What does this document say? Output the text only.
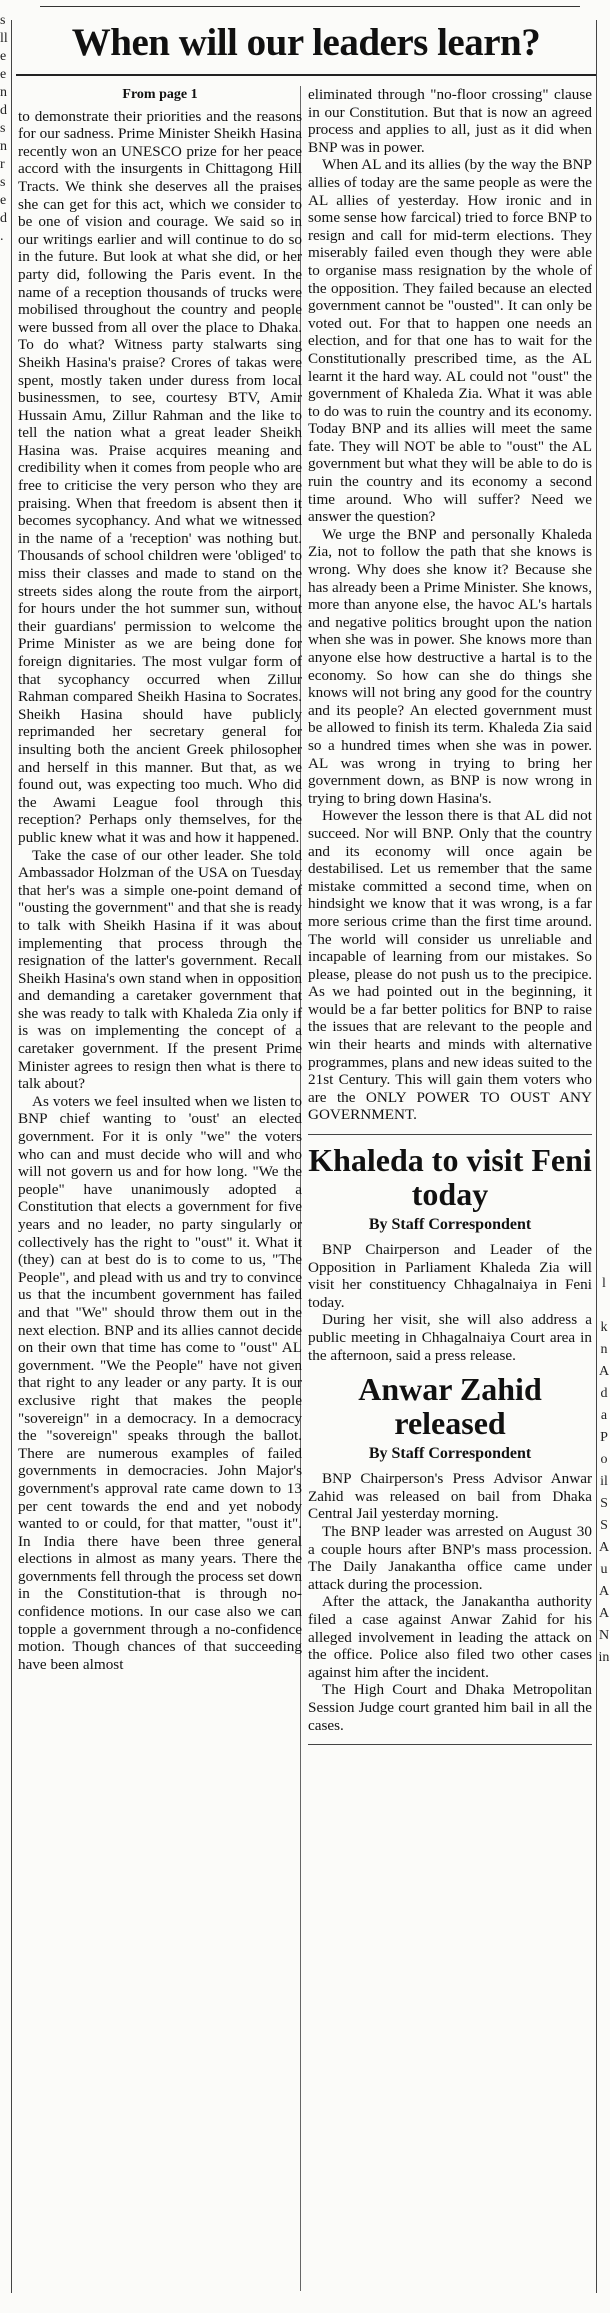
s
ll
e
e
n
d
s
n
r
s
e
d
.
l
k
n
A
d
a
P
o
il
S
S
A
u
A
A
N
in
When will our leaders learn?
From page 1

to demonstrate their priorities and the reasons for our sadness. Prime Minister Sheikh Hasina recently won an UNESCO prize for her peace accord with the insurgents in Chittagong Hill Tracts. We think she deserves all the praises she can get for this act, which we consider to be one of vision and courage. We said so in our writings earlier and will continue to do so in the future. But look at what she did, or her party did, following the Paris event. In the name of a reception thousands of trucks were mobilised throughout the country and people were bussed from all over the place to Dhaka. To do what? Witness party stalwarts sing Sheikh Hasina's praise? Crores of takas were spent, mostly taken under duress from local businessmen, to see, courtesy BTV, Amir Hussain Amu, Zillur Rahman and the like to tell the nation what a great leader Sheikh Hasina was. Praise acquires meaning and credibility when it comes from people who are free to criticise the very person who they are praising. When that freedom is absent then it becomes sycophancy. And what we witnessed in the name of a 'reception' was nothing but. Thousands of school children were 'obliged' to miss their classes and made to stand on the streets sides along the route from the airport, for hours under the hot summer sun, without their guardians' permission to welcome the Prime Minister as we are being done for foreign dignitaries. The most vulgar form of that sycophancy occurred when Zillur Rahman compared Sheikh Hasina to Socrates. Sheikh Hasina should have publicly reprimanded her secretary general for insulting both the ancient Greek philosopher and herself in this manner. But that, as we found out, was expecting too much. Who did the Awami League fool through this reception? Perhaps only themselves, for the public knew what it was and how it happened.

Take the case of our other leader. She told Ambassador Holzman of the USA on Tuesday that her's was a simple one-point demand of "ousting the government" and that she is ready to talk with Sheikh Hasina if it was about implementing that process through the resignation of the latter's government. Recall Sheikh Hasina's own stand when in opposition and demanding a caretaker government that she was ready to talk with Khaleda Zia only if is was on implementing the concept of a caretaker government. If the present Prime Minister agrees to resign then what is there to talk about?

As voters we feel insulted when we listen to BNP chief wanting to 'oust' an elected government. For it is only "we" the voters who can and must decide who will and who will not govern us and for how long. "We the people" have unanimously adopted a Constitution that elects a government for five years and no leader, no party singularly or collectively has the right to "oust" it. What it (they) can at best do is to come to us, "The People", and plead with us and try to convince us that the incumbent government has failed and that "We" should throw them out in the next election. BNP and its allies cannot decide on their own that time has come to "oust" AL government. "We the People" have not given that right to any leader or any party. It is our exclusive right that makes the people "sovereign" in a democracy. In a democracy the "sovereign" speaks through the ballot. There are numerous examples of failed governments in democracies. John Major's government's approval rate came down to 13 per cent towards the end and yet nobody wanted to or could, for that matter, "oust it". In India there have been three general elections in almost as many years. There the governments fell through the process set down in the Constitution-that is through no-confidence motions. In our case also we can topple a government through a no-confidence motion. Though chances of that succeeding have been almost

eliminated through "no-floor crossing" clause in our Constitution. But that is now an agreed process and applies to all, just as it did when BNP was in power.

When AL and its allies (by the way the BNP allies of today are the same people as were the AL allies of yesterday. How ironic and in some sense how farcical) tried to force BNP to resign and call for mid-term elections. They miserably failed even though they were able to organise mass resignation by the whole of the opposition. They failed because an elected government cannot be "ousted". It can only be voted out. For that to happen one needs an election, and for that one has to wait for the Constitutionally prescribed time, as the AL learnt it the hard way. AL could not "oust" the government of Khaleda Zia. What it was able to do was to ruin the country and its economy. Today BNP and its allies will meet the same fate. They will NOT be able to "oust" the AL government but what they will be able to do is ruin the country and its economy a second time around. Who will suffer? Need we answer the question?

We urge the BNP and personally Khaleda Zia, not to follow the path that she knows is wrong. Why does she know it? Because she has already been a Prime Minister. She knows, more than anyone else, the havoc AL's hartals and negative politics brought upon the nation when she was in power. She knows more than anyone else how destructive a hartal is to the economy. So how can she do things she knows will not bring any good for the country and its people? An elected government must be allowed to finish its term. Khaleda Zia said so a hundred times when she was in power. AL was wrong in trying to bring her government down, as BNP is now wrong in trying to bring down Hasina's.

However the lesson there is that AL did not succeed. Nor will BNP. Only that the country and its economy will once again be destabilised. Let us remember that the same mistake committed a second time, when on hindsight we know that it was wrong, is a far more serious crime than the first time around. The world will consider us unreliable and incapable of learning from our mistakes. So please, please do not push us to the precipice. As we had pointed out in the beginning, it would be a far better politics for BNP to raise the issues that are relevant to the people and win their hearts and minds with alternative programmes, plans and new ideas suited to the 21st Century. This will gain them voters who are the ONLY POWER TO OUST ANY GOVERNMENT.

Khaleda to visit Feni today
By Staff Correspondent

BNP Chairperson and Leader of the Opposition in Parliament Khaleda Zia will visit her constituency Chhagalnaiya in Feni today.

During her visit, she will also address a public meeting in Chhagalnaiya Court area in the afternoon, said a press release.

Anwar Zahid released
By Staff Correspondent

BNP Chairperson's Press Advisor Anwar Zahid was released on bail from Dhaka Central Jail yesterday morning.

The BNP leader was arrested on August 30 a couple hours after BNP's mass procession. The Daily Janakantha office came under attack during the procession.

After the attack, the Janakantha authority filed a case against Anwar Zahid for his alleged involvement in leading the attack on the office. Police also filed two other cases against him after the incident.

The High Court and Dhaka Metropolitan Session Judge court granted him bail in all the cases.
